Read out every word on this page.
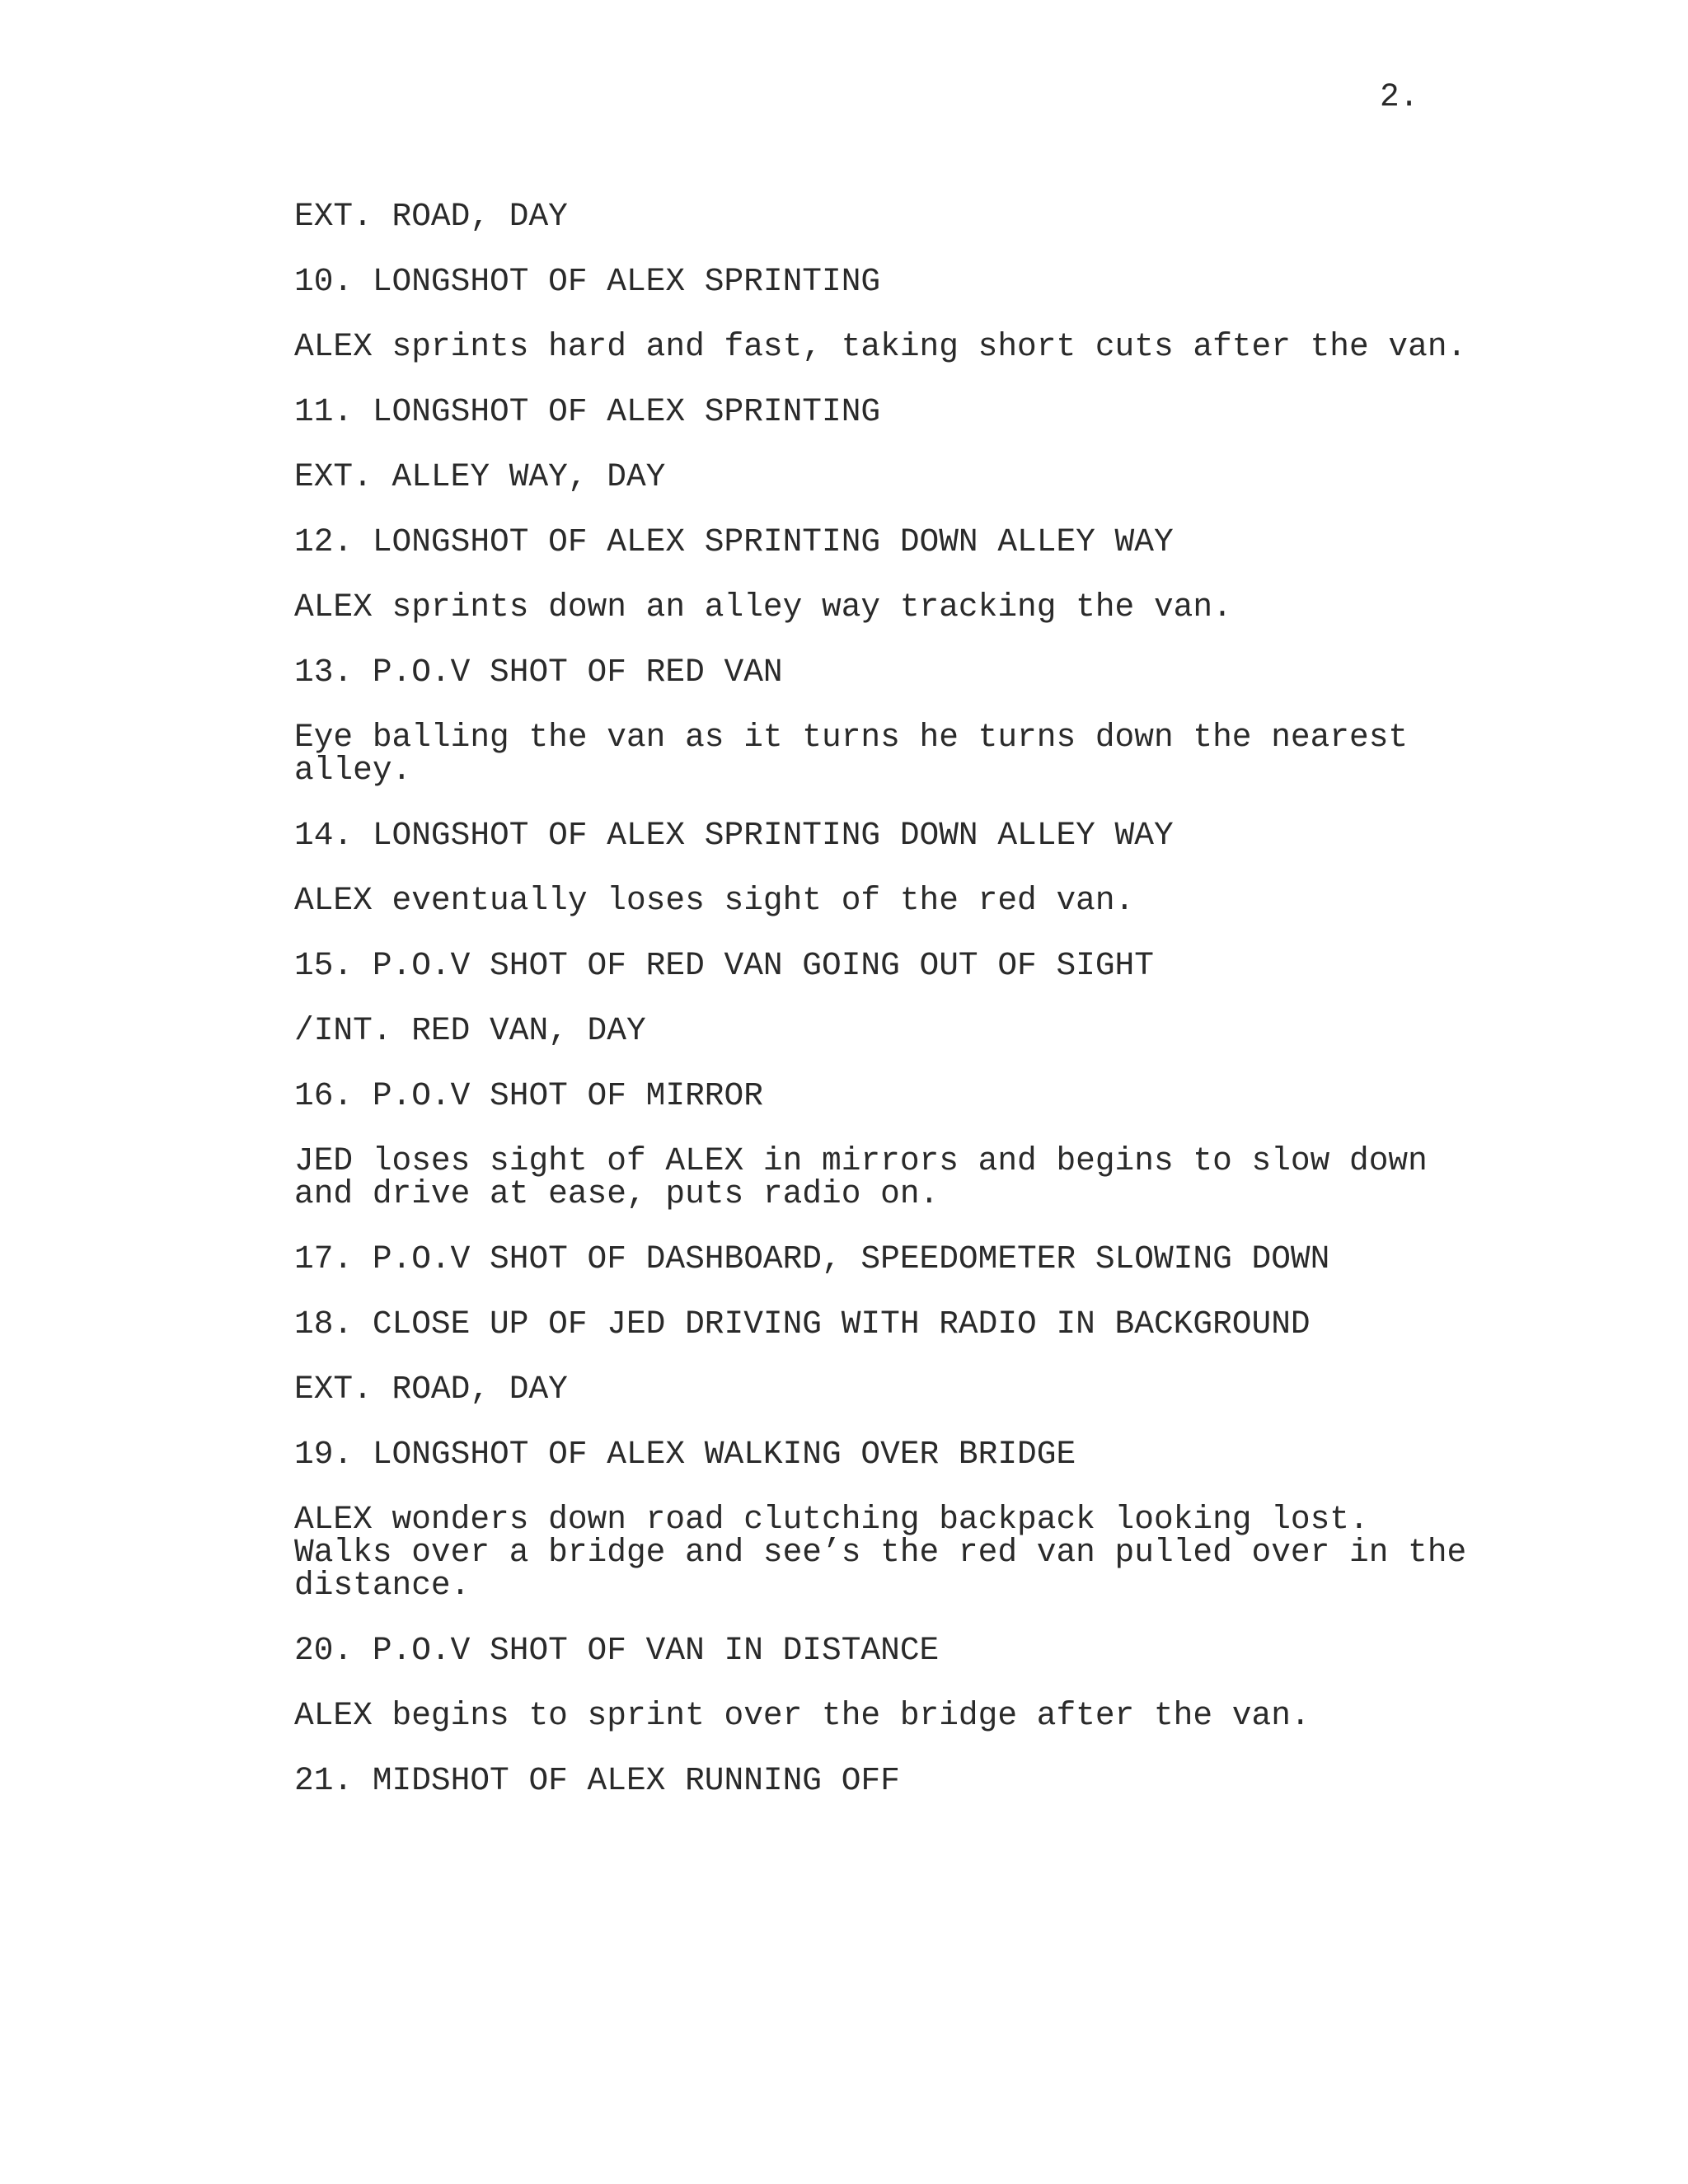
2.
EXT. ROAD, DAY
10. LONGSHOT OF ALEX SPRINTING
ALEX sprints hard and fast, taking short cuts after the van.
11. LONGSHOT OF ALEX SPRINTING
EXT. ALLEY WAY, DAY
12. LONGSHOT OF ALEX SPRINTING DOWN ALLEY WAY
ALEX sprints down an alley way tracking the van.
13. P.O.V SHOT OF RED VAN
Eye balling the van as it turns he turns down the nearest
alley.
14. LONGSHOT OF ALEX SPRINTING DOWN ALLEY WAY
ALEX eventually loses sight of the red van.
15. P.O.V SHOT OF RED VAN GOING OUT OF SIGHT
/INT. RED VAN, DAY
16. P.O.V SHOT OF MIRROR
JED loses sight of ALEX in mirrors and begins to slow down
and drive at ease, puts radio on.
17. P.O.V SHOT OF DASHBOARD, SPEEDOMETER SLOWING DOWN
18. CLOSE UP OF JED DRIVING WITH RADIO IN BACKGROUND
EXT. ROAD, DAY
19. LONGSHOT OF ALEX WALKING OVER BRIDGE
ALEX wonders down road clutching backpack looking lost.
Walks over a bridge and see’s the red van pulled over in the
distance.
20. P.O.V SHOT OF VAN IN DISTANCE
ALEX begins to sprint over the bridge after the van.
21. MIDSHOT OF ALEX RUNNING OFF
